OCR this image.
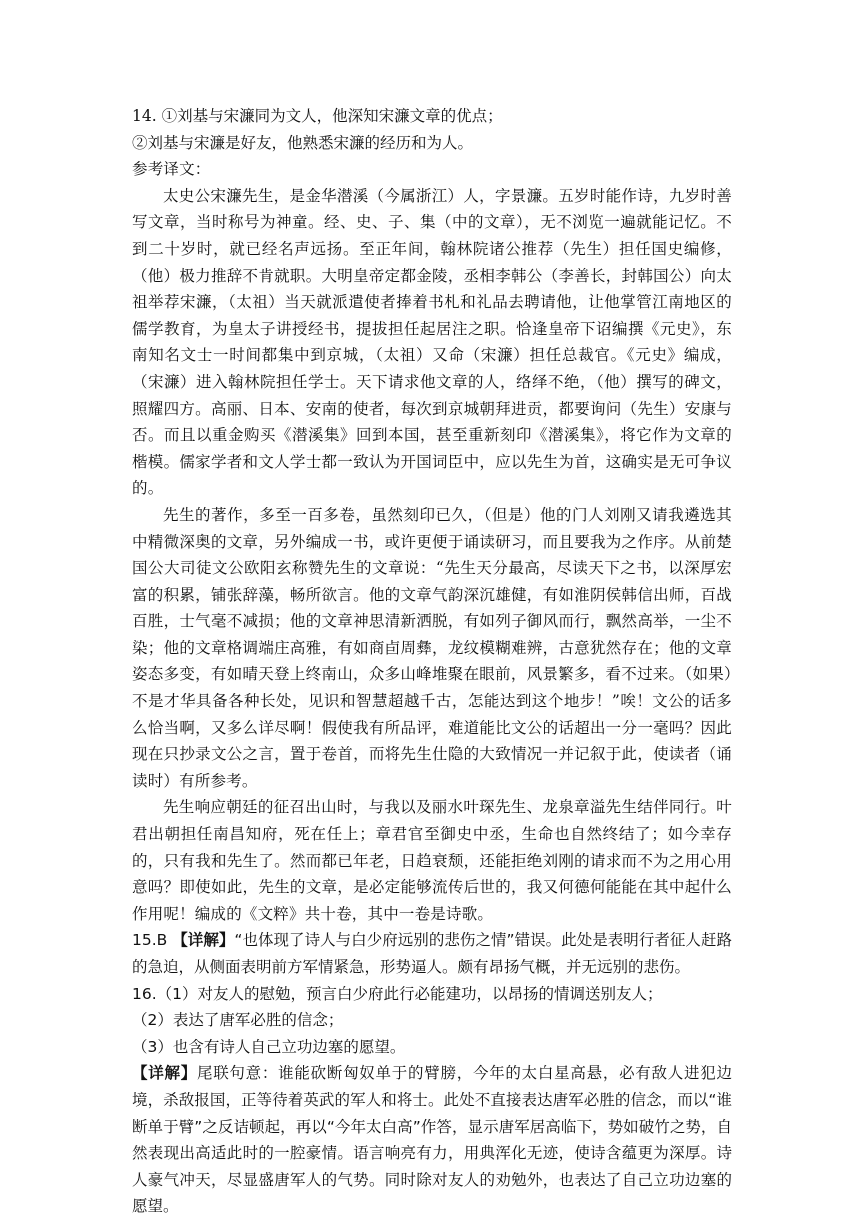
14. ①刘基与宋濂同为文人，他深知宋濂文章的优点；

②刘基与宋濂是好友，他熟悉宋濂的经历和为人。

参考译文：

太史公宋濂先生，是金华潜溪（今属浙江）人，字景濂。五岁时能作诗，九岁时善写文章，当时称号为神童。经、史、子、集（中的文章），无不浏览一遍就能记忆。不到二十岁时，就已经名声远扬。至正年间，翰林院诸公推荐（先生）担任国史编修，（他）极力推辞不肯就职。大明皇帝定都金陵，丞相李韩公（李善长，封韩国公）向太祖举荐宋濂，（太祖）当天就派遣使者捧着书札和礼品去聘请他，让他掌管江南地区的儒学教育，为皇太子讲授经书，提拔担任起居注之职。恰逢皇帝下诏编撰《元史》，东南知名文士一时间都集中到京城，（太祖）又命（宋濂）担任总裁官。《元史》编成，（宋濂）进入翰林院担任学士。天下请求他文章的人，络绎不绝，（他）撰写的碑文，照耀四方。高丽、日本、安南的使者，每次到京城朝拜进贡，都要询问（先生）安康与否。而且以重金购买《潜溪集》回到本国，甚至重新刻印《潜溪集》，将它作为文章的楷模。儒家学者和文人学士都一致认为开国词臣中，应以先生为首，这确实是无可争议的。

先生的著作，多至一百多卷，虽然刻印已久，（但是）他的门人刘刚又请我遴选其中精微深奥的文章，另外编成一书，或许更便于诵读研习，而且要我为之作序。从前楚国公大司徒文公欧阳玄称赞先生的文章说：“先生天分最高，尽读天下之书，以深厚宏富的积累，铺张辞藻，畅所欲言。他的文章气韵深沉雄健，有如淮阴侯韩信出师，百战百胜，士气毫不减损；他的文章神思清新洒脱，有如列子御风而行，飘然高举，一尘不染；他的文章格调端庄高雅，有如商卣周彝，龙纹模糊难辨，古意犹然存在；他的文章姿态多变，有如晴天登上终南山，众多山峰堆聚在眼前，风景繁多，看不过来。（如果）不是才华具备各种长处，见识和智慧超越千古，怎能达到这个地步！”唉！文公的话多么恰当啊，又多么详尽啊！假使我有所品评，难道能比文公的话超出一分一毫吗？因此现在只抄录文公之言，置于卷首，而将先生仕隐的大致情况一并记叙于此，使读者（诵读时）有所参考。

先生响应朝廷的征召出山时，与我以及丽水叶琛先生、龙泉章溢先生结伴同行。叶君出朝担任南昌知府，死在任上；章君官至御史中丞，生命也自然终结了；如今幸存的，只有我和先生了。然而都已年老，日趋衰颓，还能拒绝刘刚的请求而不为之用心用意吗？即使如此，先生的文章，是必定能够流传后世的，我又何德何能能在其中起什么作用呢！编成的《文粹》共十卷，其中一卷是诗歌。

15.B 【详解】“也体现了诗人与白少府远别的悲伤之情”错误。此处是表明行者征人赶路的急迫，从侧面表明前方军情紧急，形势逼人。颇有昂扬气概，并无远别的悲伤。

16.（1）对友人的慰勉，预言白少府此行必能建功，以昂扬的情调送别友人；

（2）表达了唐军必胜的信念；

（3）也含有诗人自己立功边塞的愿望。

【详解】尾联句意：谁能砍断匈奴单于的臂膀，今年的太白星高悬，必有敌人进犯边境，杀敌报国，正等待着英武的军人和将士。此处不直接表达唐军必胜的信念，而以“谁断单于臂”之反诘顿起，再以“今年太白高”作答，显示唐军居高临下，势如破竹之势，自然表现出高适此时的一腔豪情。语言响亮有力，用典浑化无迹，使诗含蕴更为深厚。诗人豪气冲天，尽显盛唐军人的气势。同时除对友人的劝勉外，也表达了自己立功边塞的愿望。
